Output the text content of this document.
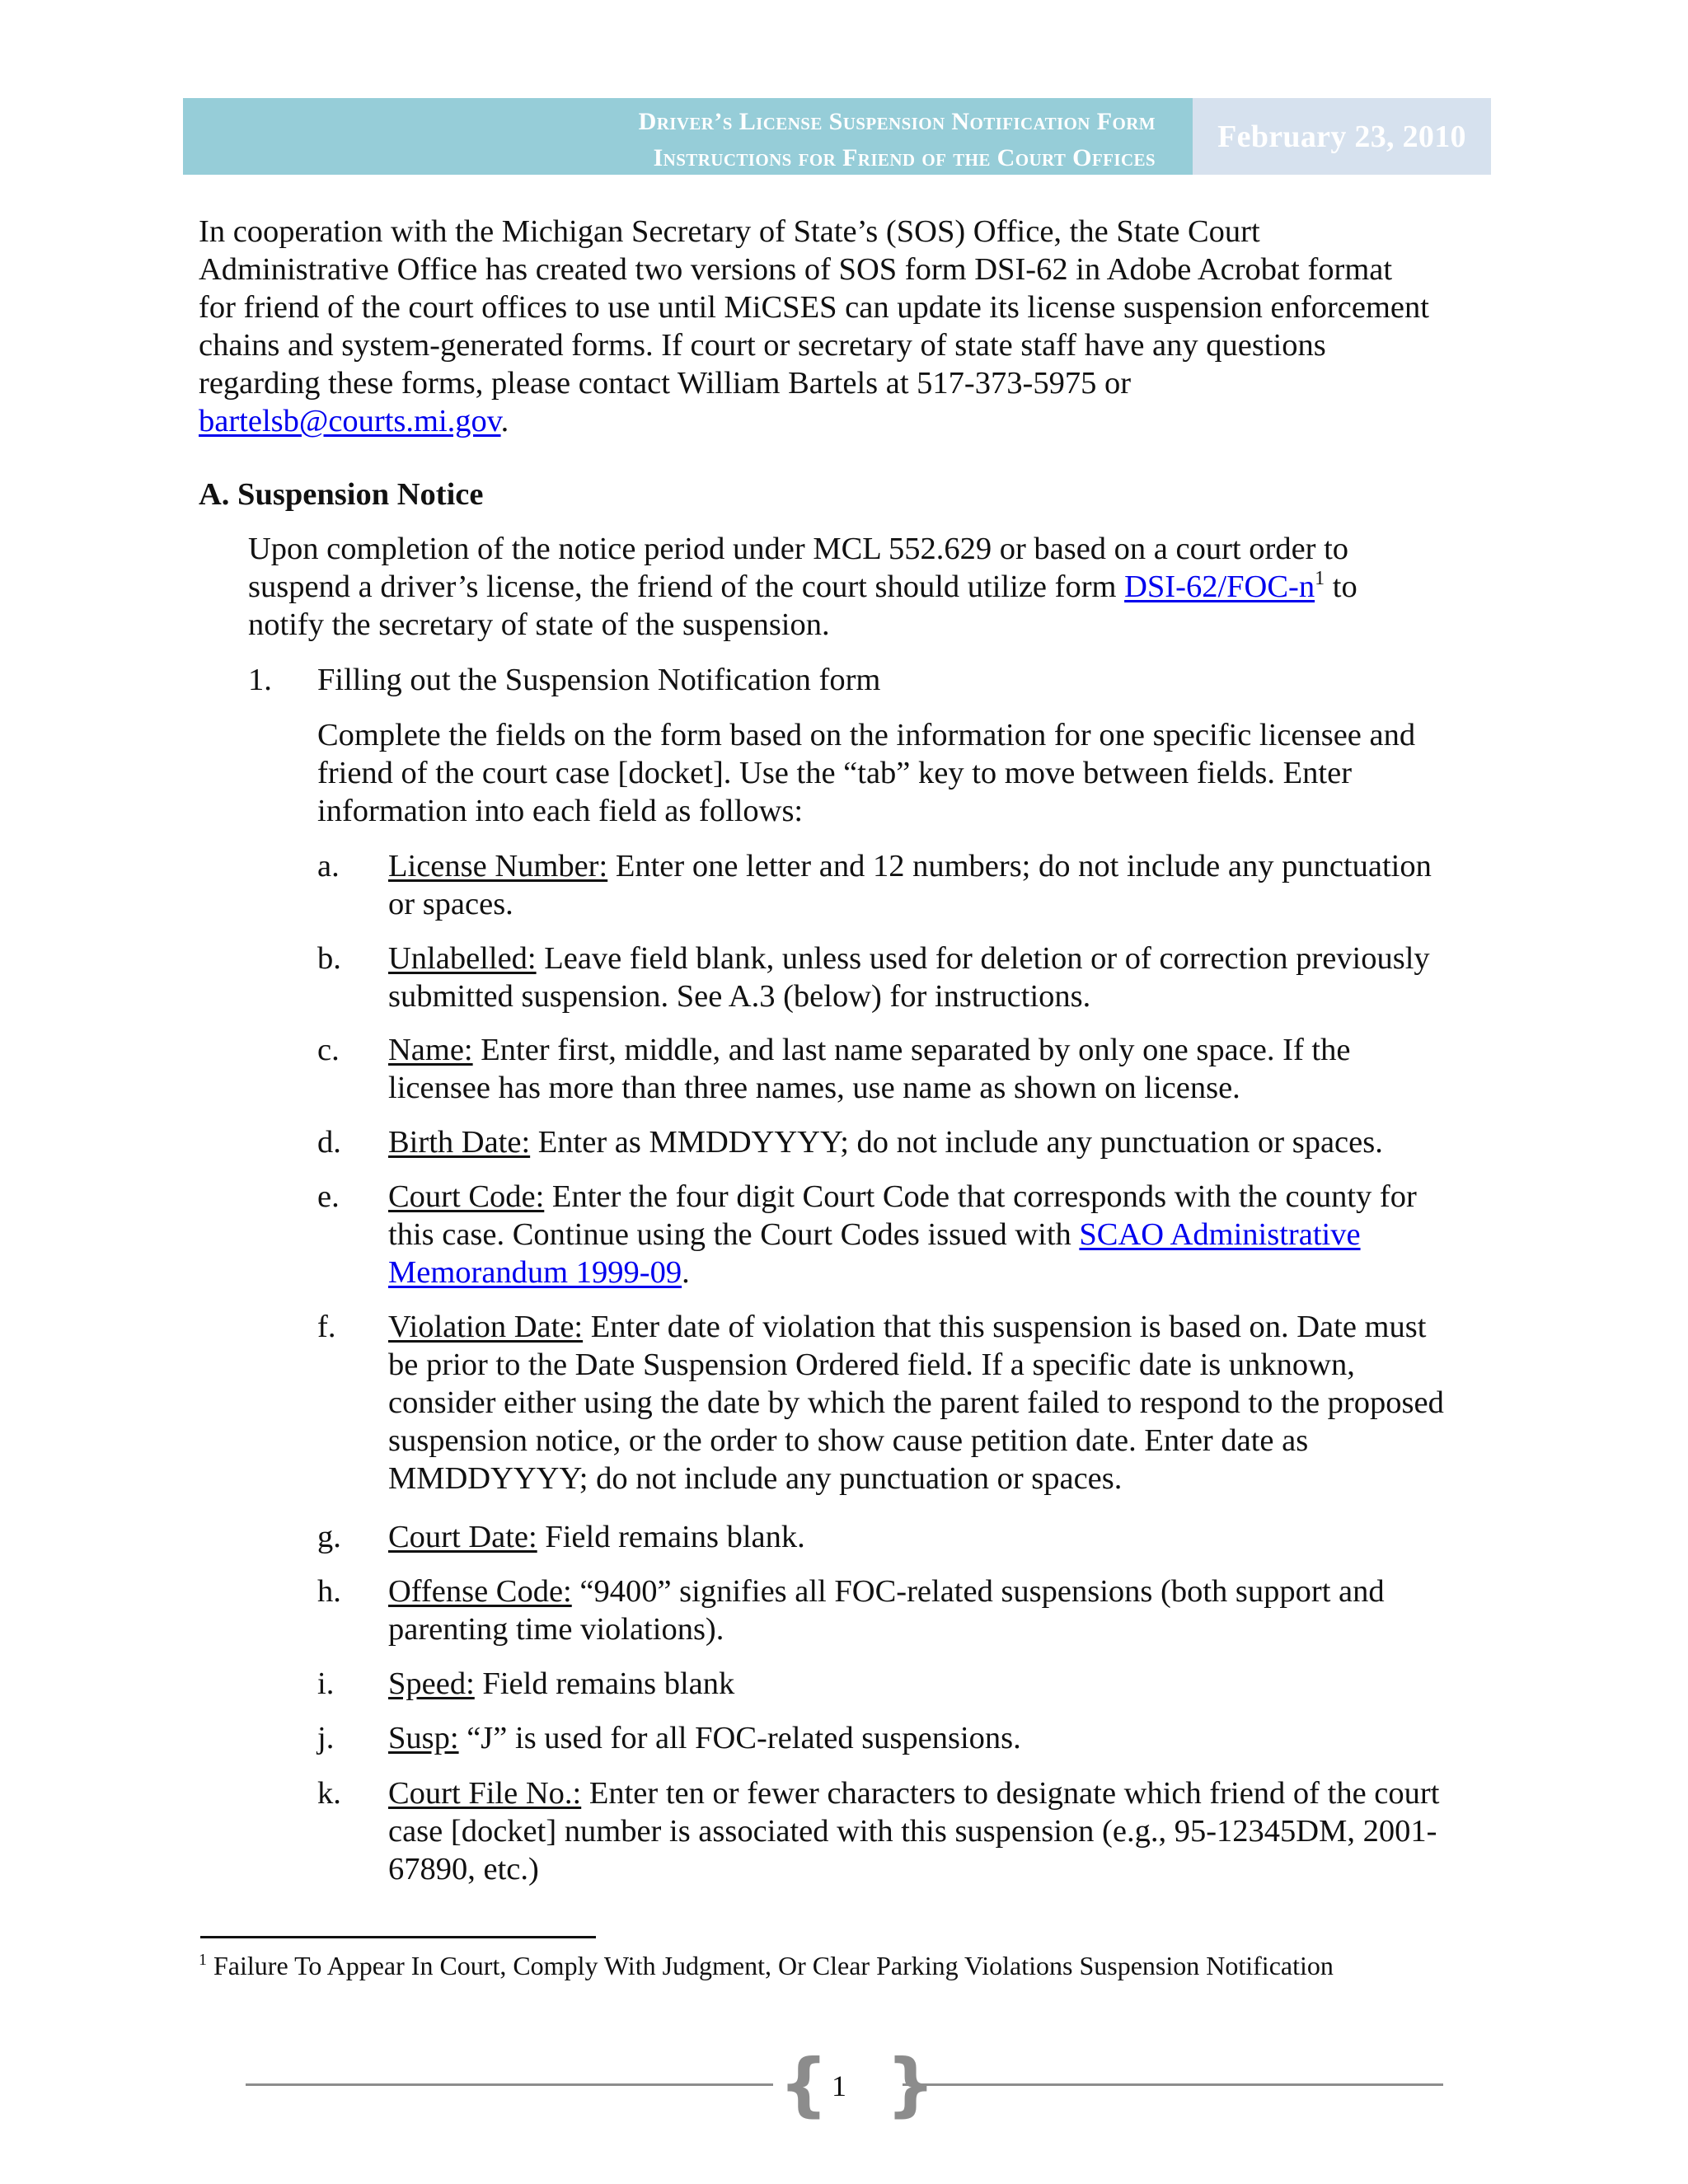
Driver’s License Suspension Notification Form
Instructions for Friend of the Court Offices
February 23, 2010
In cooperation with the Michigan Secretary of State’s (SOS) Office, the State Court
Administrative Office has created two versions of SOS form DSI-62 in Adobe Acrobat format
for friend of the court offices to use until MiCSES can update its license suspension enforcement
chains and system-generated forms. If court or secretary of state staff have any questions
regarding these forms, please contact William Bartels at 517-373-5975 or
bartelsb@courts.mi.gov.
A. Suspension Notice
Upon completion of the notice period under MCL 552.629 or based on a court order to
suspend a driver’s license, the friend of the court should utilize form DSI-$62/FOC-n^1$ to
notify the secretary of state of the suspension.
1. Filling out the Suspension Notification form
Complete the fields on the form based on the information for one specific licensee and
friend of the court case [docket]. Use the “tab” key to move between fields. Enter
information into each field as follows:
a. License Number: Enter one letter and 12 numbers; do not include any punctuation
or spaces.
b. Unlabelled: Leave field blank, unless used for deletion or of correction previously
submitted suspension. See A.3 (below) for instructions.
c. Name: Enter first, middle, and last name separated by only one space. If the
licensee has more than three names, use name as shown on license.
d. Birth Date: Enter as MMDDYYYY; do not include any punctuation or spaces.
e. Court Code: Enter the four digit Court Code that corresponds with the county for
this case. Continue using the Court Codes issued with SCAO Administrative
Memorandum 1999-09.
f. Violation Date: Enter date of violation that this suspension is based on. Date must
be prior to the Date Suspension Ordered field. If a specific date is unknown,
consider either using the date by which the parent failed to respond to the proposed
suspension notice, or the order to show cause petition date. Enter date as
MMDDYYYY; do not include any punctuation or spaces.
g. Court Date: Field remains blank.
h. Offense Code: “9400” signifies all FOC-related suspensions (both support and
parenting time violations).
i. Speed: Field remains blank
j. Susp: “J” is used for all FOC-related suspensions.
k. Court File No.: Enter ten or fewer characters to designate which friend of the court
case [docket] number is associated with this suspension (e.g., 95-12345DM, 2001-
67890, etc.)
$^1$ Failure To Appear In Court, Comply With Judgment, Or Clear Parking Violations Suspension Notification
{ }
1
